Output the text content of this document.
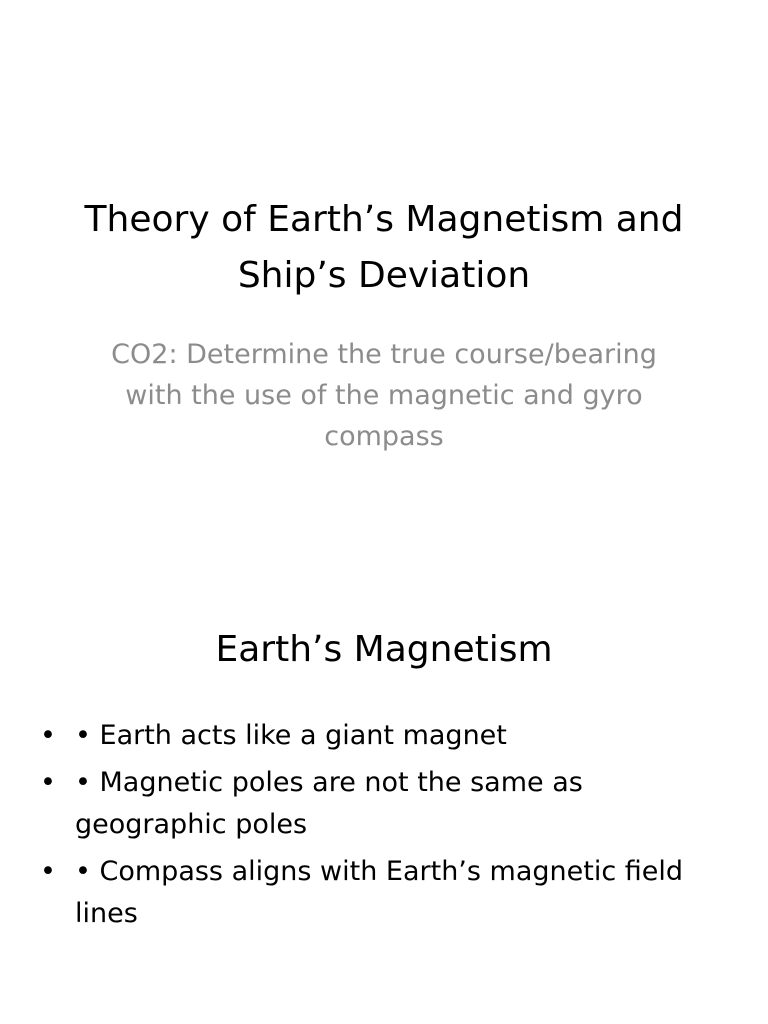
Theory of Earth’s Magnetism and Ship’s Deviation

CO2: Determine the true course/bearing with the use of the magnetic and gyro compass

Earth’s Magnetism
• • Earth acts like a giant magnet
• • Magnetic poles are not the same as geographic poles
• • Compass aligns with Earth’s magnetic field lines
